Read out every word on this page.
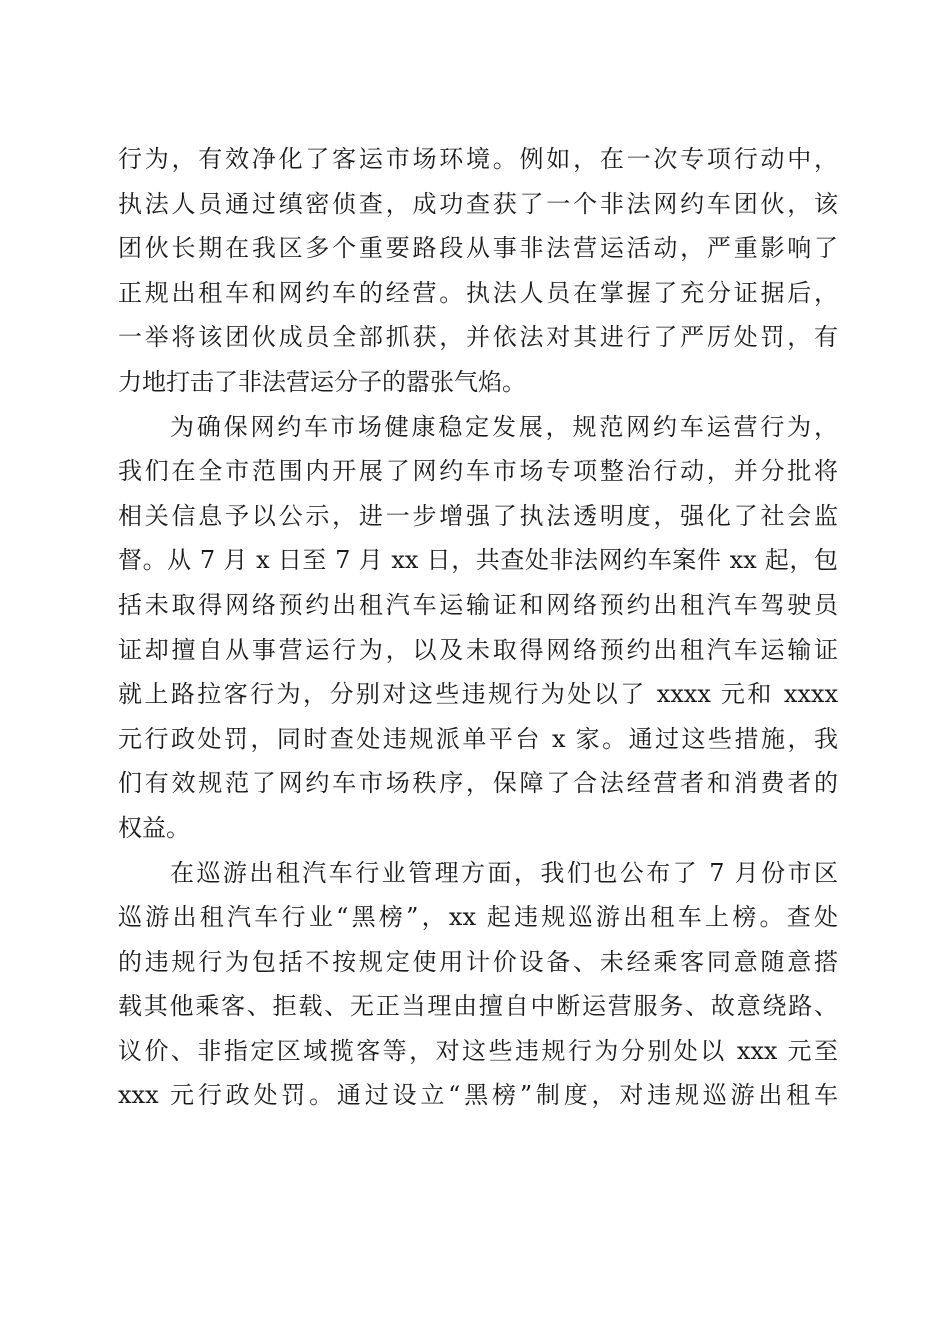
行为，有效净化了客运市场环境。例如，在一次专项行动中，
执法人员通过缜密侦查，成功查获了一个非法网约车团伙，该
团伙长期在我区多个重要路段从事非法营运活动，严重影响了
正规出租车和网约车的经营。执法人员在掌握了充分证据后，
一举将该团伙成员全部抓获，并依法对其进行了严厉处罚，有
力地打击了非法营运分子的嚣张气焰。
为确保网约车市场健康稳定发展，规范网约车运营行为，
我们在全市范围内开展了网约车市场专项整治行动，并分批将
相关信息予以公示，进一步增强了执法透明度，强化了社会监
督。从 7 月 x 日至 7 月 xx 日，共查处非法网约车案件 xx 起，包
括未取得网络预约出租汽车运输证和网络预约出租汽车驾驶员
证却擅自从事营运行为，以及未取得网络预约出租汽车运输证
就上路拉客行为，分别对这些违规行为处以了 xxxx 元和 xxxx
元行政处罚，同时查处违规派单平台 x 家。通过这些措施，我
们有效规范了网约车市场秩序，保障了合法经营者和消费者的
权益。
在巡游出租汽车行业管理方面，我们也公布了 7 月份市区
巡游出租汽车行业“黑榜”，xx 起违规巡游出租车上榜。查处
的违规行为包括不按规定使用计价设备、未经乘客同意随意搭
载其他乘客、拒载、无正当理由擅自中断运营服务、故意绕路、
议价、非指定区域揽客等，对这些违规行为分别处以 xxx 元至
xxx 元行政处罚。通过设立“黑榜”制度，对违规巡游出租车
